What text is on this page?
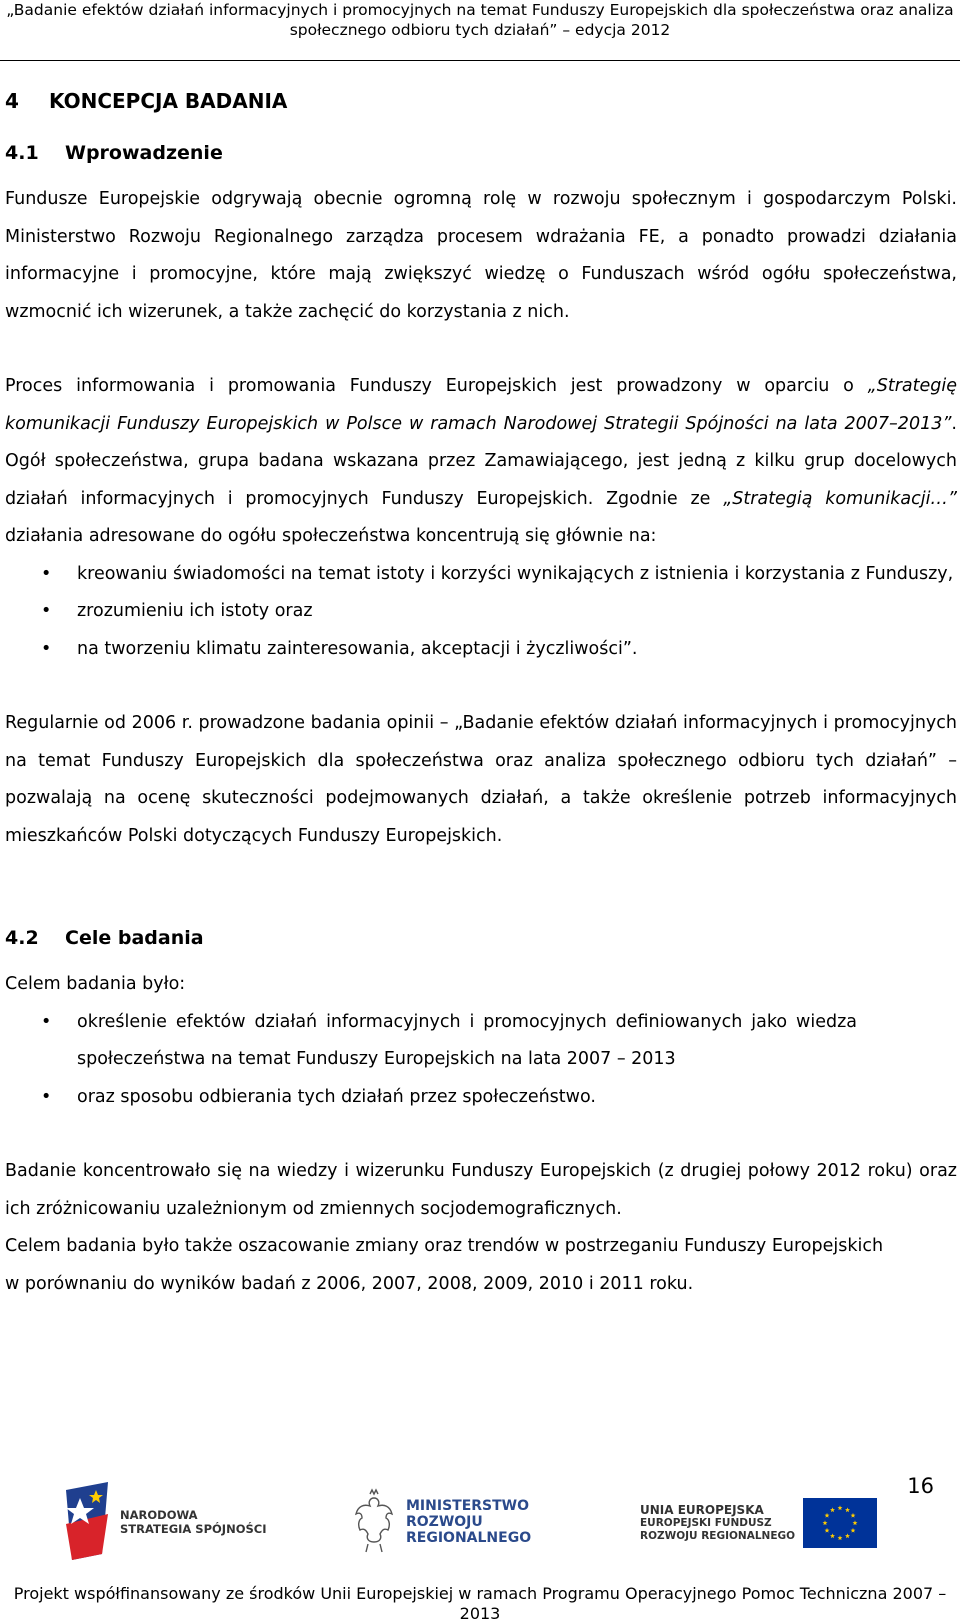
„Badanie efektów działań informacyjnych i promocyjnych na temat Funduszy Europejskich dla społeczeństwa oraz analiza
społecznego odbioru tych działań” – edycja 2012
4 KONCEPCJA BADANIA
4.1 Wprowadzenie

Fundusze Europejskie odgrywają obecnie ogromną rolę w rozwoju społecznym i gospodarczym Polski. Ministerstwo Rozwoju Regionalnego zarządza procesem wdrażania FE, a ponadto prowadzi działania informacyjne i promocyjne, które mają zwiększyć wiedzę o Funduszach wśród ogółu społeczeństwa, wzmocnić ich wizerunek, a także zachęcić do korzystania z nich.

Proces informowania i promowania Funduszy Europejskich jest prowadzony w oparciu o „Strategię komunikacji Funduszy Europejskich w Polsce w ramach Narodowej Strategii Spójności na lata 2007–2013”. Ogół społeczeństwa, grupa badana wskazana przez Zamawiającego, jest jedną z kilku grup docelowych działań informacyjnych i promocyjnych Funduszy Europejskich. Zgodnie ze „Strategią komunikacji…” działania adresowane do ogółu społeczeństwa koncentrują się głównie na:

• kreowaniu świadomości na temat istoty i korzyści wynikających z istnienia i korzystania z Funduszy,
• zrozumieniu ich istoty oraz
• na tworzeniu klimatu zainteresowania, akceptacji i życzliwości”.

Regularnie od 2006 r. prowadzone badania opinii – „Badanie efektów działań informacyjnych i promocyjnych na temat Funduszy Europejskich dla społeczeństwa oraz analiza społecznego odbioru tych działań” – pozwalają na ocenę skuteczności podejmowanych działań, a także określenie potrzeb informacyjnych mieszkańców Polski dotyczących Funduszy Europejskich.

4.2 Cele badania

Celem badania było:

• określenie efektów działań informacyjnych i promocyjnych definiowanych jako wiedza społeczeństwa na temat Funduszy Europejskich na lata 2007 – 2013
• oraz sposobu odbierania tych działań przez społeczeństwo.

Badanie koncentrowało się na wiedzy i wizerunku Funduszy Europejskich (z drugiej połowy 2012 roku) oraz ich zróżnicowaniu uzależnionym od zmiennych socjodemograficznych.

Celem badania było także oszacowanie zmiany oraz trendów w postrzeganiu Funduszy Europejskich
w porównaniu do wyników badań z 2006, 2007, 2008, 2009, 2010 i 2011 roku.

16
NARODOWA
STRATEGIA SPÓJNOŚCI
MINISTERSTWO
ROZWOJU
REGIONALNEGO
UNIA EUROPEJSKA
EUROPEJSKI FUNDUSZ
ROZWOJU REGIONALNEGO
Projekt współfinansowany ze środków Unii Europejskiej w ramach Programu Operacyjnego Pomoc Techniczna 2007 – 2013
